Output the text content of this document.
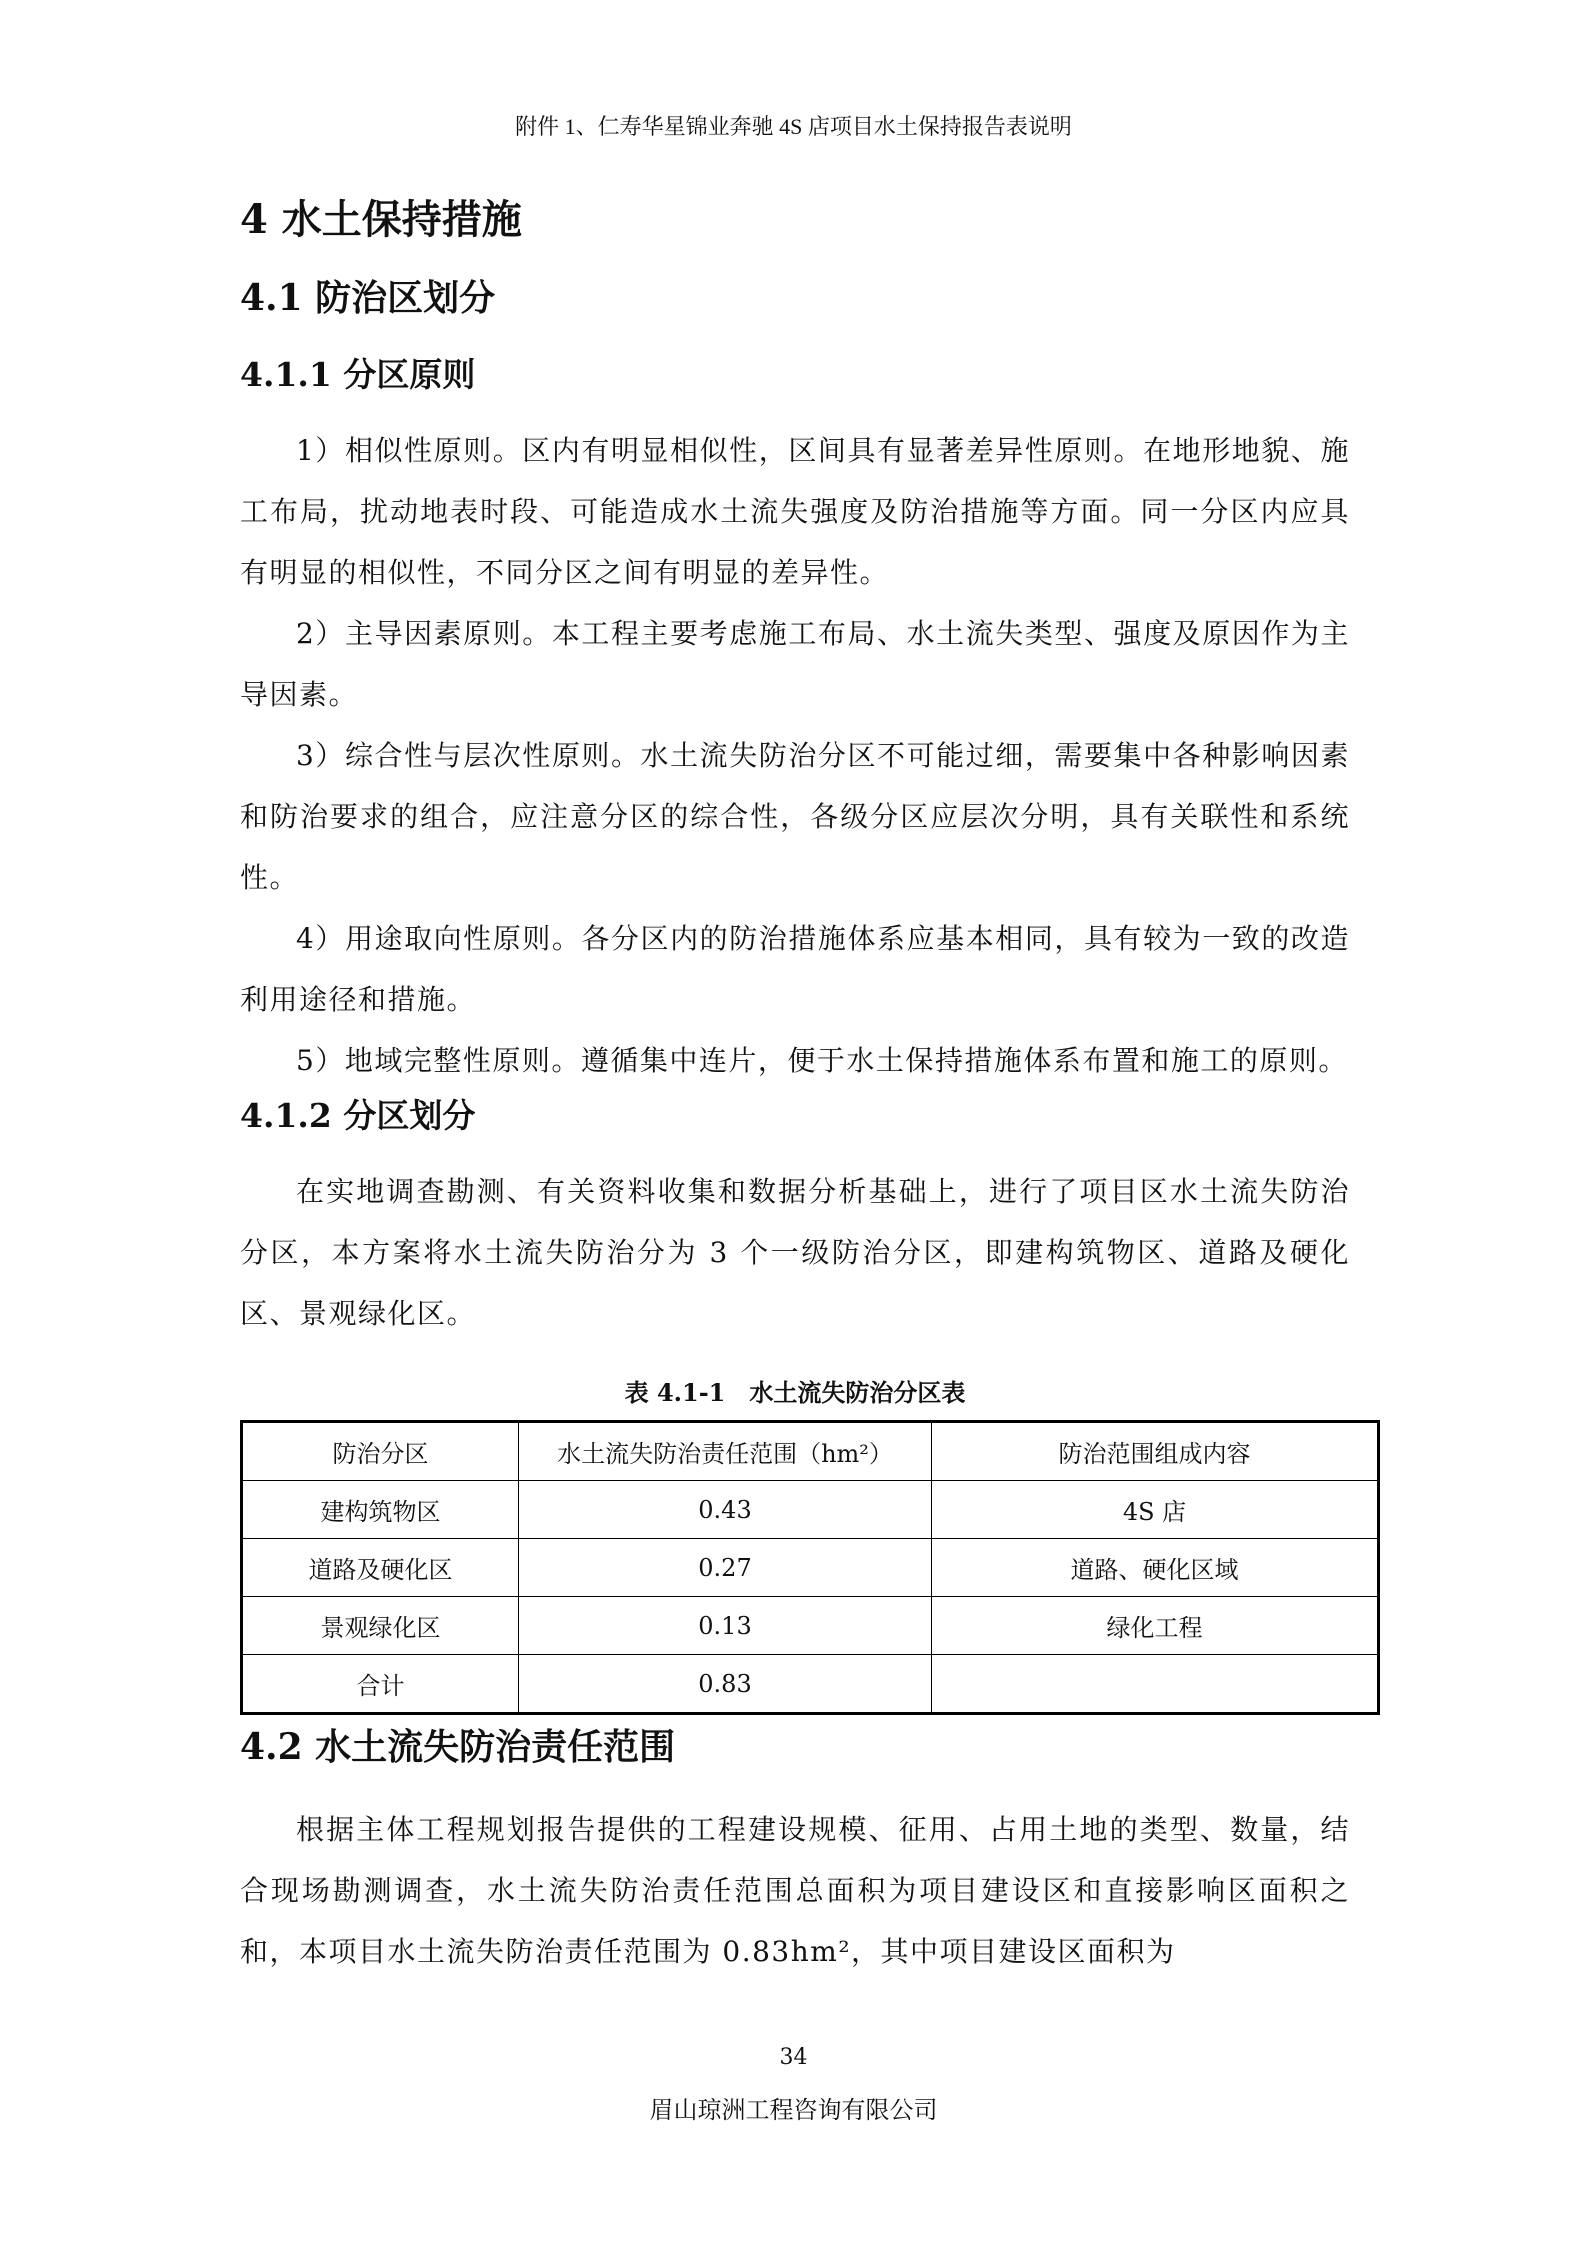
附件 1、仁寿华星锦业奔驰 4S 店项目水土保持报告表说明
4 水土保持措施
4.1 防治区划分
4.1.1 分区原则

1）相似性原则。区内有明显相似性，区间具有显著差异性原则。在地形地貌、施工布局，扰动地表时段、可能造成水土流失强度及防治措施等方面。同一分区内应具有明显的相似性，不同分区之间有明显的差异性。

2）主导因素原则。本工程主要考虑施工布局、水土流失类型、强度及原因作为主导因素。

3）综合性与层次性原则。水土流失防治分区不可能过细，需要集中各种影响因素和防治要求的组合，应注意分区的综合性，各级分区应层次分明，具有关联性和系统性。

4）用途取向性原则。各分区内的防治措施体系应基本相同，具有较为一致的改造利用途径和措施。

5）地域完整性原则。遵循集中连片，便于水土保持措施体系布置和施工的原则。

4.1.2 分区划分

在实地调查勘测、有关资料收集和数据分析基础上，进行了项目区水土流失防治分区，本方案将水土流失防治分为 3 个一级防治分区，即建构筑物区、道路及硬化区、景观绿化区。

表 4.1-1　水土流失防治分区表
防治分区	水土流失防治责任范围（hm²）	防治范围组成内容
建构筑物区	0.43	4S 店
道路及硬化区	0.27	道路、硬化区域
景观绿化区	0.13	绿化工程
合计	0.83	
4.2 水土流失防治责任范围

根据主体工程规划报告提供的工程建设规模、征用、占用土地的类型、数量，结合现场勘测调查，水土流失防治责任范围总面积为项目建设区和直接影响区面积之和，本项目水土流失防治责任范围为 0.83hm²，其中项目建设区面积为

34
眉山琼洲工程咨询有限公司
